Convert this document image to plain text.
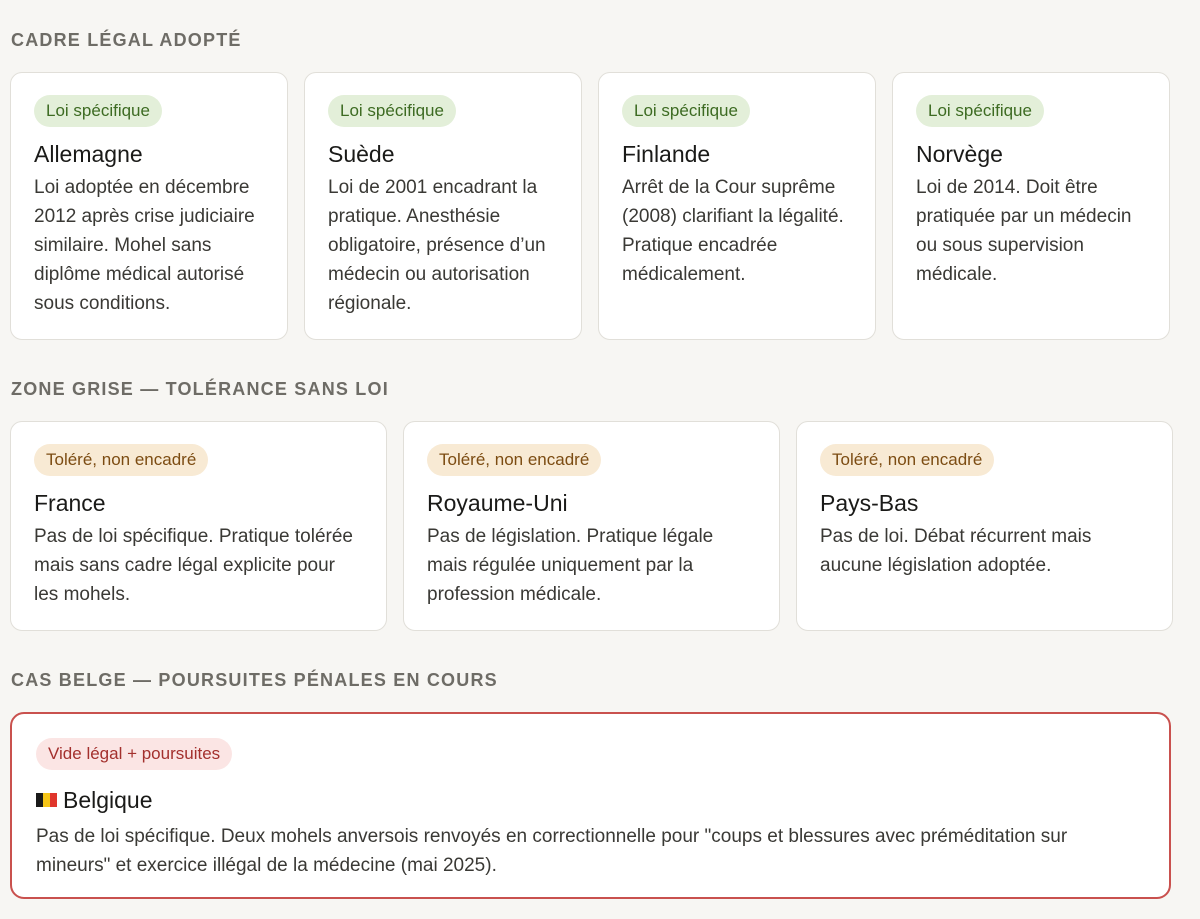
CADRE LÉGAL ADOPTÉ
Loi spécifique
Allemagne
Loi adoptée en décembre 2012 après crise judiciaire similaire. Mohel sans diplôme médical autorisé sous conditions.
Loi spécifique
Suède
Loi de 2001 encadrant la pratique. Anesthésie obligatoire, présence d’un médecin ou autorisation régionale.
Loi spécifique
Finlande
Arrêt de la Cour suprême (2008) clarifiant la légalité. Pratique encadrée médicalement.
Loi spécifique
Norvège
Loi de 2014. Doit être pratiquée par un médecin ou sous supervision médicale.
ZONE GRISE — TOLÉRANCE SANS LOI
Toléré, non encadré
France
Pas de loi spécifique. Pratique tolérée mais sans cadre légal explicite pour les mohels.
Toléré, non encadré
Royaume-Uni
Pas de législation. Pratique légale mais régulée uniquement par la profession médicale.
Toléré, non encadré
Pays-Bas
Pas de loi. Débat récurrent mais aucune législation adoptée.
CAS BELGE — POURSUITES PÉNALES EN COURS
Vide légal + poursuites
Belgique
Pas de loi spécifique. Deux mohels anversois renvoyés en correctionnelle pour "coups et blessures avec préméditation sur mineurs" et exercice illégal de la médecine (mai 2025).
